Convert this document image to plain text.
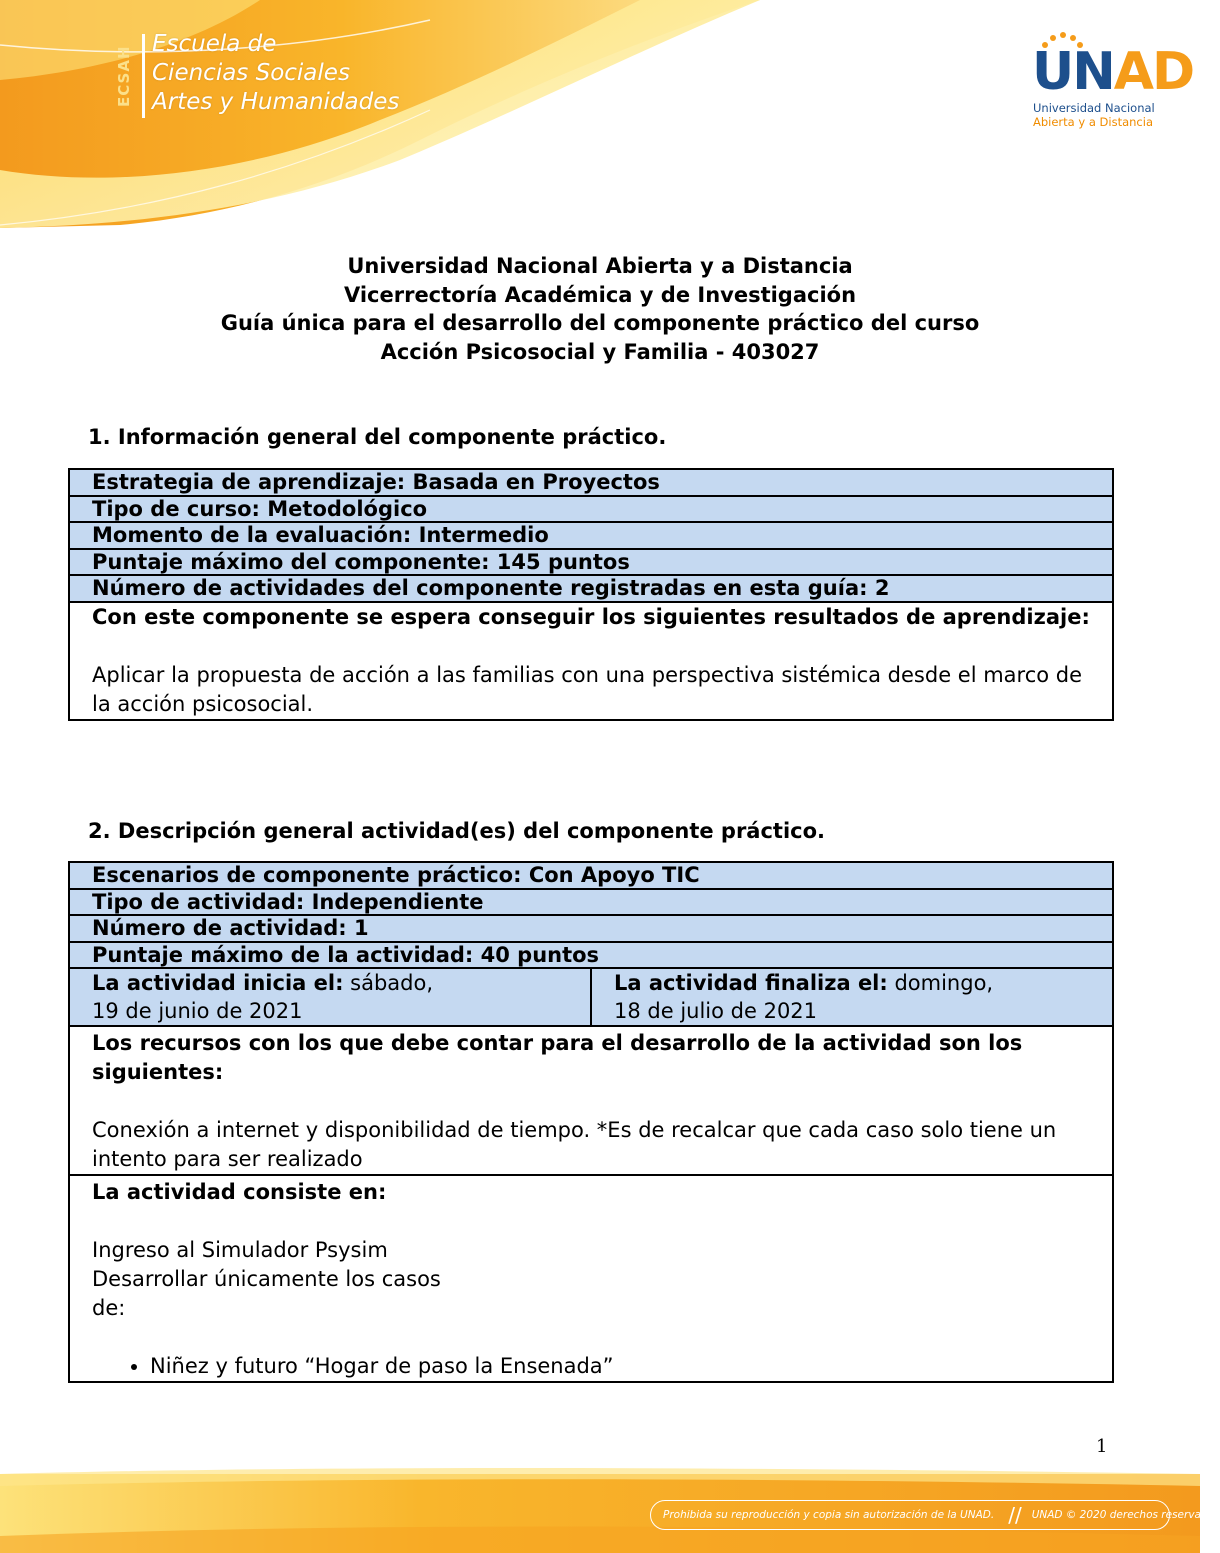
ECSAH
Escuela de
Ciencias Sociales
Artes y Humanidades	UNAD
Universidad Nacional
Abierta y a Distancia
Universidad Nacional Abierta y a Distancia
Vicerrectoría Académica y de Investigación
Guía única para el desarrollo del componente práctico del curso
Acción Psicosocial y Familia - 403027
1. Información general del componente práctico.
Estrategia de aprendizaje: Basada en Proyectos
Tipo de curso: Metodológico
Momento de la evaluación: Intermedio
Puntaje máximo del componente: 145 puntos
Número de actividades del componente registradas en esta guía: 2

Con este componente se espera conseguir los siguientes resultados de aprendizaje:
Aplicar la propuesta de acción a las familias con una perspectiva sistémica desde el marco de la acción psicosocial.
2. Descripción general actividad(es) del componente práctico.
Escenarios de componente práctico: Con Apoyo TIC
Tipo de actividad: Independiente
Número de actividad: 1
Puntaje máximo de la actividad: 40 puntos

La actividad inicia el: sábado,
19 de junio de 2021

La actividad finaliza el: domingo,
18 de julio de 2021

Los recursos con los que debe contar para el desarrollo de la actividad son los siguientes:
Conexión a internet y disponibilidad de tiempo. *Es de recalcar que cada caso solo tiene un intento para ser realizado

La actividad consiste en:
Ingreso al Simulador Psysim
Desarrollar únicamente los casos
de:
• Niñez y futuro “Hogar de paso la Ensenada”
1
Prohibida su reproducción y copia sin autorización de la UNAD. // UNAD © 2020 derechos reservados
